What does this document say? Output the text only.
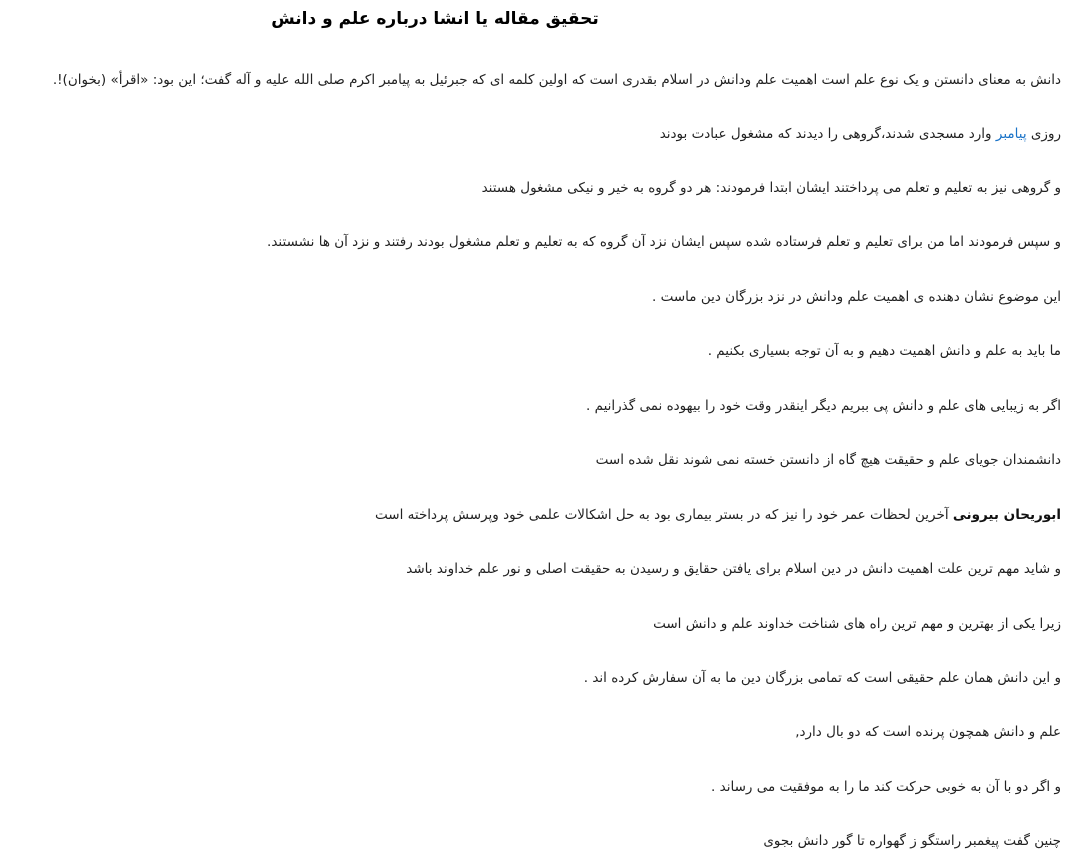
تحقیق مقاله یا انشا درباره علم و دانش
دانش به معنای دانستن و یک نوع علم است اهمیت علم ودانش در اسلام بقدری است که اولین کلمه ای که جبرئیل به پیامبر اکرم صلی الله علیه و آله گفت؛ این بود: «اقرأ» (بخوان)!.
روزی پیامبر وارد مسجدی شدند،گروهی را دیدند که مشغول عبادت بودند
و گروهی نیز به تعلیم و تعلم می پرداختند ایشان ابتدا فرمودند: هر دو گروه به خیر و نیکی مشغول هستند
و سپس فرمودند اما من برای تعلیم و تعلم فرستاده شده سپس ایشان نزد آن گروه که به تعلیم و تعلم مشغول بودند رفتند و نزد آن ها نشستند.
این موضوع نشان دهنده ی اهمیت علم ودانش در نزد بزرگان دین ماست .
ما باید به علم و دانش اهمیت دهیم و به آن توجه بسیاری بکنیم .
اگر به زیبایی های علم و دانش پی ببریم دیگر اینقدر وقت خود را بیهوده نمی گذرانیم .
دانشمندان جویای علم و حقیقت هیچ گاه از دانستن خسته نمی شوند نقل شده است
ابوریحان بیرونی آخرین لحظات عمر خود را نیز که در بستر بیماری بود به حل اشکالات علمی خود وپرسش پرداخته است
و شاید مهم ترین علت اهمیت دانش در دین اسلام برای یافتن حقایق و رسیدن به حقیقت اصلی و نور علم خداوند باشد
زیرا یکی از بهترین و مهم ترین راه های شناخت خداوند علم و دانش است
و این دانش همان علم حقیقی است که تمامی بزرگان دین ما به آن سفارش کرده اند .
علم و دانش همچون پرنده است که دو بال دارد,
و اگر دو با آن به خوبی حرکت کند ما را به موفقیت می رساند .
چنین گفت پیغمبر راستگو ز گهواره تا گور دانش بجوی
